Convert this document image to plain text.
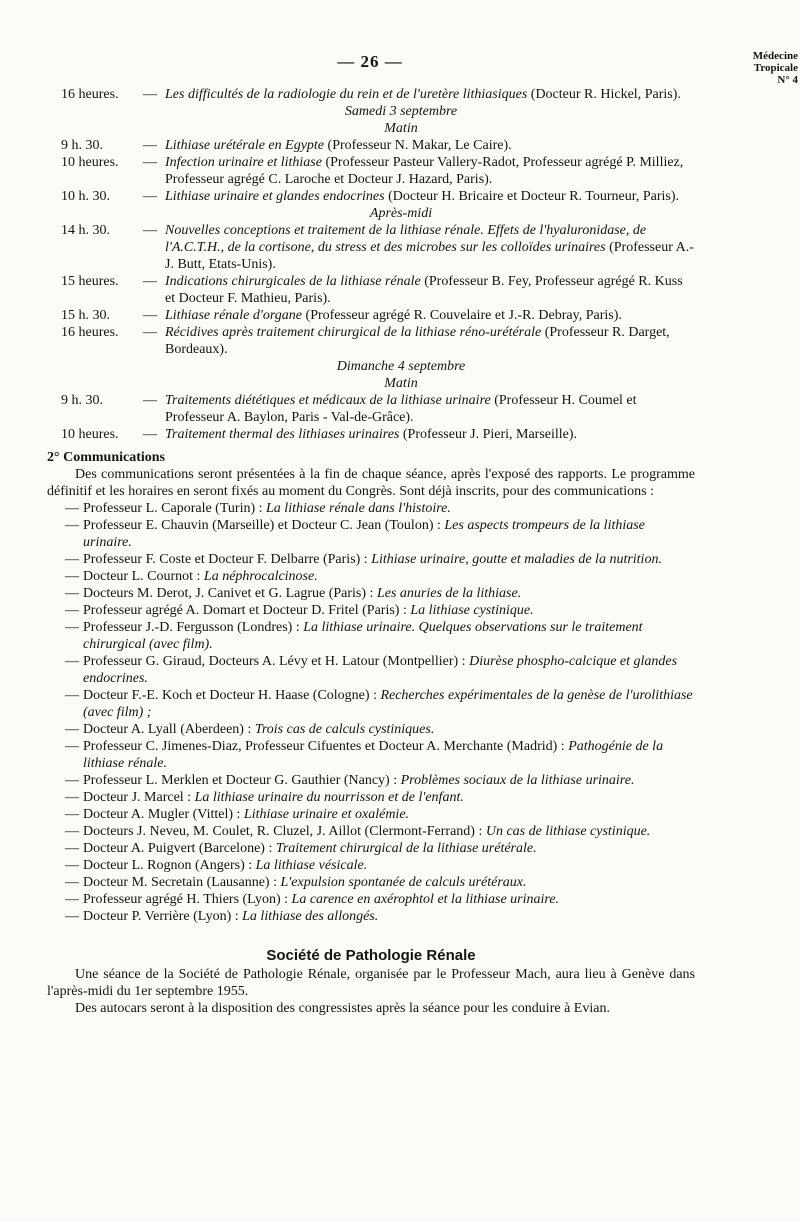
— 26 —	Médecine
Tropicale
N° 4
16 heures.	— Les difficultés de la radiologie du rein et de l'uretère lithiasiques (Docteur R. Hickel, Paris).
Samedi 3 septembre
Matin
9 h. 30.	— Lithiase urétérale en Egypte (Professeur N. Makar, Le Caire).
10 heures.	— Infection urinaire et lithiase (Professeur Pasteur Vallery-Radot, Professeur agrégé P. Milliez, Professeur agrégé C. Laroche et Docteur J. Hazard, Paris).
10 h. 30.	— Lithiase urinaire et glandes endocrines (Docteur H. Bricaire et Docteur R. Tourneur, Paris).
Après-midi
14 h. 30.	— Nouvelles conceptions et traitement de la lithiase rénale. Effets de l'hyaluronidase, de l'A.C.T.H., de la cortisone, du stress et des microbes sur les colloïdes urinaires (Professeur A.-J. Butt, Etats-Unis).
15 heures.	— Indications chirurgicales de la lithiase rénale (Professeur B. Fey, Professeur agrégé R. Kuss et Docteur F. Mathieu, Paris).
15 h. 30.	— Lithiase rénale d'organe (Professeur agrégé R. Couvelaire et J.-R. Debray, Paris).
16 heures.	— Récidives après traitement chirurgical de la lithiase réno-urétérale (Professeur R. Darget, Bordeaux).
Dimanche 4 septembre
Matin
9 h. 30.	— Traitements diététiques et médicaux de la lithiase urinaire (Professeur H. Coumel et Professeur A. Baylon, Paris - Val-de-Grâce).
10 heures.	— Traitement thermal des lithiases urinaires (Professeur J. Pieri, Marseille).
2° Communications
Des communications seront présentées à la fin de chaque séance, après l'exposé des rapports. Le programme définitif et les horaires en seront fixés au moment du Congrès. Sont déjà inscrits, pour des communications :
— Professeur L. Caporale (Turin) : La lithiase rénale dans l'histoire.
— Professeur E. Chauvin (Marseille) et Docteur C. Jean (Toulon) : Les aspects trompeurs de la lithiase urinaire.
— Professeur F. Coste et Docteur F. Delbarre (Paris) : Lithiase urinaire, goutte et maladies de la nutrition.
— Docteur L. Cournot : La néphrocalcinose.
— Docteurs M. Derot, J. Canivet et G. Lagrue (Paris) : Les anuries de la lithiase.
— Professeur agrégé A. Domart et Docteur D. Fritel (Paris) : La lithiase cystinique.
— Professeur J.-D. Fergusson (Londres) : La lithiase urinaire. Quelques observations sur le traitement chirurgical (avec film).
— Professeur G. Giraud, Docteurs A. Lévy et H. Latour (Montpellier) : Diurèse phospho-calcique et glandes endocrines.
— Docteur F.-E. Koch et Docteur H. Haase (Cologne) : Recherches expérimentales de la genèse de l'urolithiase (avec film) ;
— Docteur A. Lyall (Aberdeen) : Trois cas de calculs cystiniques.
— Professeur C. Jimenes-Diaz, Professeur Cifuentes et Docteur A. Merchante (Madrid) : Pathogénie de la lithiase rénale.
— Professeur L. Merklen et Docteur G. Gauthier (Nancy) : Problèmes sociaux de la lithiase urinaire.
— Docteur J. Marcel : La lithiase urinaire du nourrisson et de l'enfant.
— Docteur A. Mugler (Vittel) : Lithiase urinaire et oxalémie.
— Docteurs J. Neveu, M. Coulet, R. Cluzel, J. Aillot (Clermont-Ferrand) : Un cas de lithiase cystinique.
— Docteur A. Puigvert (Barcelone) : Traitement chirurgical de la lithiase urétérale.
— Docteur L. Rognon (Angers) : La lithiase vésicale.
— Docteur M. Secretain (Lausanne) : L'expulsion spontanée de calculs urétéraux.
— Professeur agrégé H. Thiers (Lyon) : La carence en axérophtol et la lithiase urinaire.
— Docteur P. Verrière (Lyon) : La lithiase des allongés.
Société de Pathologie Rénale
Une séance de la Société de Pathologie Rénale, organisée par le Professeur Mach, aura lieu à Genève dans l'après-midi du 1er septembre 1955.
Des autocars seront à la disposition des congressistes après la séance pour les conduire à Evian.
